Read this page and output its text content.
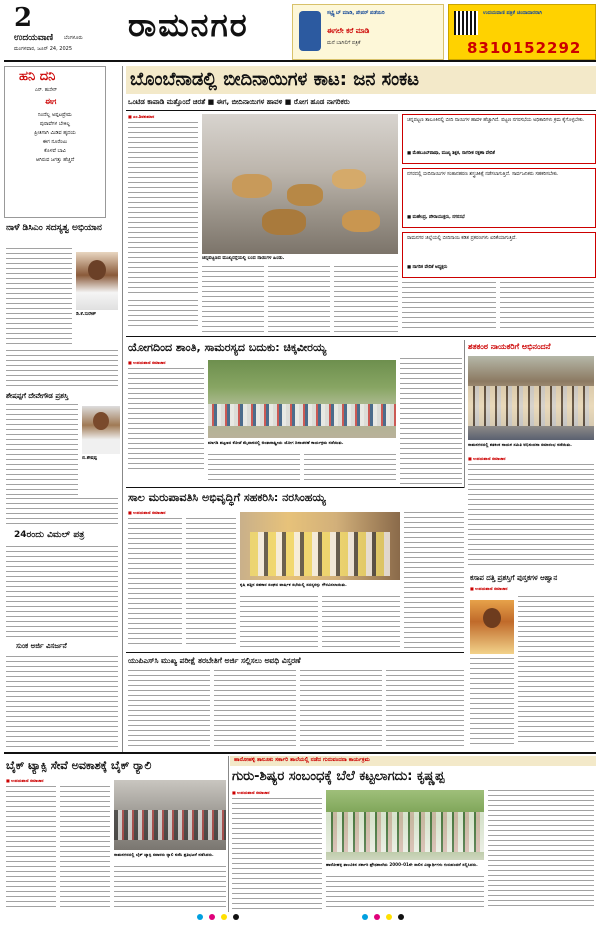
2
ಉದಯವಾಣಿ ಬೆಂಗಳೂರು
ಮಂಗಳವಾರ, ಜೂನ್ 24, 2025
ರಾಮನಗರ	ಸಬ್ಸ್ಕ್ರೈಬ್ ಮಾಡಿ, ಪೇಪರ್ ಪಡೆಯಿರಿ
ಈಗಲೇ ಕರೆ ಮಾಡಿ
ಮನೆ ಬಾಗಿಲಿಗೆ ಪತ್ರಿಕೆ
ಉದಯವಾಣಿ ಪತ್ರಿಕೆ ಚಂದಾದಾರರಾಗಿ
8310152292
ಹನಿ ದನಿ
ಎನ್. ಹುಸೇನ್
ಈಗ
ನಿಂದೆಲ್ಲ ಅಪ್ಪಟಪ್ರೇಮ
ಪುರಾವೆಗಳ ಬೇಕಿಲ್ಲ
ಪ್ರೀತಿಗಾಗಿ ಮಿಡಿವ ಹೃದಯ
ಈಗ ನೂರೆಂಟು
ಕೊಳವೆ ಬಾವಿ
ಆಗಿರುವ ಜಗತ್ತು ಹೆಚ್ಚಿದೆ
ನಾಳೆ ಡಿಸಿಎಂ ಸದಸ್ಯತ್ವ ಅಭಿಯಾನ
ಡಿ.ಕೆ.ಸುರೇಶ್
ಶೇಷಪ್ಪಗೆ ದೇವೇಗೌಡ ಪ್ರಶಸ್ತಿ
ಬಿ.ಶೇಷಪ್ಪ
24ರಂದು ವಿಮಲ್‌ ಪತ್ರ
ಸುಂಕ ಅರ್ಜಿ ವಿಸರ್ಜನೆ
ಬೊಂಬೆನಾಡಲ್ಲಿ ಬೀದಿನಾಯಿಗಳ ಕಾಟ: ಜನ ಸಂಕಟ
ಒಂಟಿಡ ಕಾಪಾಡಿ ಮತ್ತೊಂದೆ ಚಿರತೆ ■ ಈಗ, ಬೀದಿನಾಯಿಗಳ ಹಾವಳಿ ■ ರೋಗ ಹೂಡ ನಾಗರಿಕರು
■ ಎಂ.ಶಿವಕುಮಾರ
ಚನ್ನಪಟ್ಟಣದ ಮುಖ್ಯರಸ್ತೆಯಲ್ಲಿ ಬಂದ ನಾಯಿಗಳ ಹಿಂಡು.
ಚನ್ನಪಟ್ಟಣ ತಾಲೂಕಿನಲ್ಲಿ ಬೀದಿ ನಾಯಿಗಳ ಹಾವಳಿ ಹೆಚ್ಚಾಗಿದೆ. ಪಟ್ಟಣ ನಗರಸಭೆಯ ಅಧಿಕಾರಿಗಳು ಕ್ರಮ ಕೈಗೊಳ್ಳಬೇಕು.
■ ಮೆಹಬೂಬ್‌ಪಾಷಾ, ಮುಖ್ಯ ಶಿಕ್ಷಕ, ನಾಗರೀಕ ರಕ್ಷಣಾ ವೇದಿಕೆ
ನಗರದಲ್ಲಿ ಬೀದಿನಾಯಿಗಳ ಸಂತಾನಹರಣ ಶಸ್ತ್ರಚಿಕಿತ್ಸೆ ನಡೆಸಲಾಗುತ್ತಿದೆ. ಸಾರ್ವಜನಿಕರು ಸಹಕರಿಸಬೇಕು.
■ ಮಹೇಂದ್ರ, ಪೌರಾಯುಕ್ತರು, ನಗರಸಭೆ
ರಾಮನಗರ ಜಿಲ್ಲೆಯಲ್ಲಿ ಬೀದಿನಾಯಿ ಕಡಿತ ಪ್ರಕರಣಗಳು ಏರಿಕೆಯಾಗುತ್ತಿವೆ.
■ ನಾಗರಿಕ ವೇದಿಕೆ ಅಧ್ಯಕ್ಷರು
ಯೋಗದಿಂದ ಶಾಂತಿ, ಸಾಮರಸ್ಯದ ಬದುಕು: ಚಿಕ್ಕವೀರಯ್ಯ
■ ಉದಯವಾಣಿ ಸಮಾಚಾರ
ಮಾಗಡಿ ಪಟ್ಟಣದ ಕೋಟೆ ಮೈದಾನದಲ್ಲಿ ಅಂತಾರಾಷ್ಟ್ರೀಯ ಯೋಗ ದಿನಾಚರಣೆ ಕಾರ್ಯಕ್ರಮ ನಡೆಯಿತು.
ಶತಕಂಠ ನಾಯಕರಿಗೆ ಅಭಿನಂದನೆ
ರಾಮನಗರದಲ್ಲಿ ಶತಕಂಠ ನಾಯಕ ಸಮಿತಿ ಅಭಿನಂದನಾ ಸಮಾರಂಭ ನಡೆಯಿತು.
■ ಉದಯವಾಣಿ ಸಮಾಚಾರ
ಸಾಲ ಮರುಪಾವತಿಸಿ ಅಭಿವೃದ್ಧಿಗೆ ಸಹಕರಿಸಿ: ನರಸಿಂಹಯ್ಯ
■ ಉದಯವಾಣಿ ಸಮಾಚಾರ
ಕೃಷಿ ಪತ್ತಿನ ಸಹಕಾರ ಸಂಘದ ವಾರ್ಷಿಕ ಸಭೆಯಲ್ಲಿ ಸದಸ್ಯರನ್ನು ಗೌರವಿಸಲಾಯಿತು.
ಕಸಾಪ ದತ್ತಿ ಪ್ರಶಸ್ತಿಗೆ ಪುಸ್ತಕಗಳ ಆಹ್ವಾನ
■ ಉದಯವಾಣಿ ಸಮಾಚಾರ
ಯುಪಿಎಸ್‌ಸಿ ಮುಖ್ಯ ಪರೀಕ್ಷೆ ತರಬೇತಿಗೆ ಅರ್ಜಿ ಸಲ್ಲಿಸಲು ಅವಧಿ ವಿಸ್ತರಣೆ
ಹಾರೋಹಳ್ಳಿ ತಾಲೂಕು ಸರ್ಕಾರಿ ಶಾಲೆಯಲ್ಲಿ ನಡೆದ ಗುರುವಂದನಾ ಕಾರ್ಯಕ್ರಮ
ಬೈಕ್‌ ಟ್ಯಾಕ್ಸಿ ಸೇವೆ ಅವಕಾಶಕ್ಕೆ ಬೈಕ್‌ ರ‍್ಯಾಲಿ
ಗುರು-ಶಿಷ್ಯರ ಸಂಬಂಧಕ್ಕೆ ಬೆಲೆ ಕಟ್ಟಲಾಗದು: ಕೃಷ್ಣಪ್ಪ
■ ಉದಯವಾಣಿ ಸಮಾಚಾರ
ರಾಮನಗರದಲ್ಲಿ ಬೈಕ್‌ ಟ್ಯಾಕ್ಸಿ ಸವಾರರು ರ‍್ಯಾಲಿ ನಡೆಸಿ ಪ್ರತಿಭಟನೆ ನಡೆಸಿದರು.
■ ಉದಯವಾಣಿ ಸಮಾಚಾರ
ಹಾರೋಹಳ್ಳಿ ತಾಲೂಕಿನ ಸರ್ಕಾರಿ ಪ್ರೌಢಶಾಲೆಯ 2000–01ನೇ ಸಾಲಿನ ವಿದ್ಯಾರ್ಥಿಗಳು ಗುರುವಂದನೆ ಸಲ್ಲಿಸಿದರು.
